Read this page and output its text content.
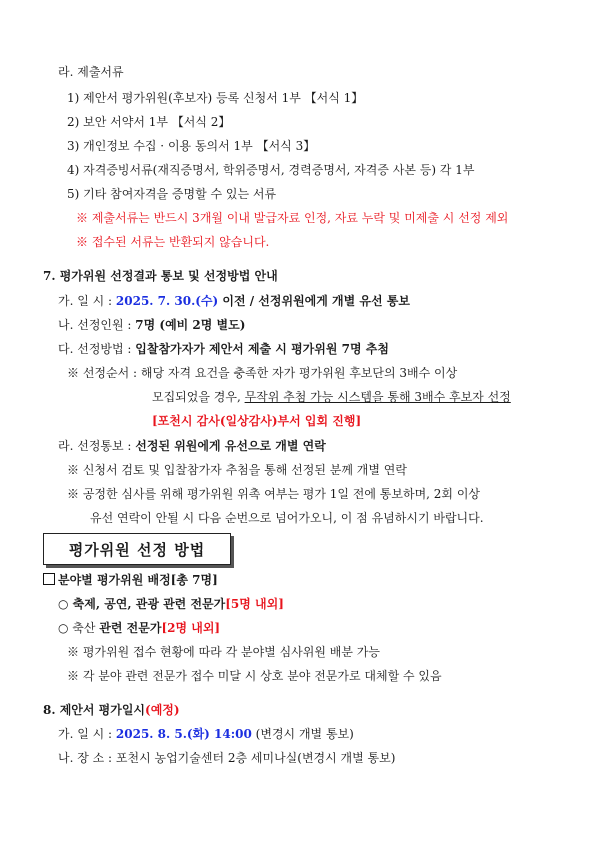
라. 제출서류
1) 제안서 평가위원(후보자) 등록 신청서 1부 【서식 1】
2) 보안 서약서 1부 【서식 2】
3) 개인정보 수집 · 이용 동의서 1부 【서식 3】
4) 자격증빙서류(재직증명서, 학위증명서, 경력증명서, 자격증 사본 등) 각 1부
5) 기타 참여자격을 증명할 수 있는 서류
※ 제출서류는 반드시 3개월 이내 발급자료 인정, 자료 누락 및 미제출 시 선정 제외
※ 접수된 서류는 반환되지 않습니다.
7. 평가위원 선정결과 통보 및 선정방법 안내
가. 일 시 : 2025. 7. 30.(수) 이전 / 선정위원에게 개별 유선 통보
나. 선정인원 : 7명 (예비 2명 별도)
다. 선정방법 : 입찰참가자가 제안서 제출 시 평가위원 7명 추첨
※ 선정순서 : 해당 자격 요건을 충족한 자가 평가위원 후보단의 3배수 이상
모집되었을 경우, 무작위 추첨 가능 시스템을 통해 3배수 후보자 선정
[포천시 감사(일상감사)부서 입회 진행]
라. 선정통보 : 선정된 위원에게 유선으로 개별 연락
※ 신청서 검토 및 입찰참가자 추첨을 통해 선정된 분께 개별 연락
※ 공정한 심사를 위해 평가위원 위촉 여부는 평가 1일 전에 통보하며, 2회 이상
유선 연락이 안될 시 다음 순번으로 넘어가오니, 이 점 유념하시기 바랍니다.
평가위원 선정 방법
분야별 평가위원 배정[총 7명]
○ 축제, 공연, 관광 관련 전문가[5명 내외]
○ 축산 관련 전문가[2명 내외]
※ 평가위원 접수 현황에 따라 각 분야별 심사위원 배분 가능
※ 각 분야 관련 전문가 접수 미달 시 상호 분야 전문가로 대체할 수 있음
8. 제안서 평가일시(예정)
가. 일 시 : 2025. 8. 5.(화) 14:00 (변경시 개별 통보)
나. 장 소 : 포천시 농업기술센터 2층 세미나실(변경시 개별 통보)
